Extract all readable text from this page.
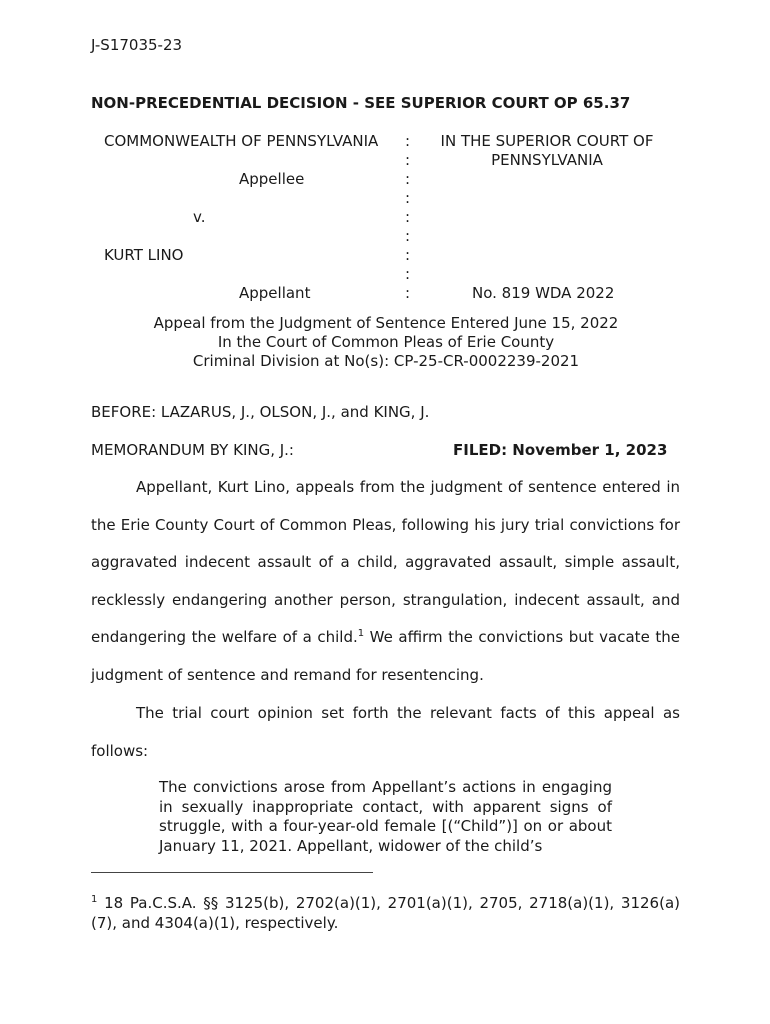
J-S17035-23
NON-PRECEDENTIAL DECISION - SEE SUPERIOR COURT OP 65.37
COMMONWEALTH OF PENNSYLVANIA
Appellee
v.
KURT LINO
Appellant
:
:
:
:
:
:
:
:
:
IN THE SUPERIOR COURT OF
PENNSYLVANIA
No. 819 WDA 2022
Appeal from the Judgment of Sentence Entered June 15, 2022
In the Court of Common Pleas of Erie County
Criminal Division at No(s): CP-25-CR-0002239-2021
BEFORE: LAZARUS, J., OLSON, J., and KING, J.
MEMORANDUM BY KING, J.:	FILED: November 1, 2023
Appellant, Kurt Lino, appeals from the judgment of sentence entered in the Erie County Court of Common Pleas, following his jury trial convictions for aggravated indecent assault of a child, aggravated assault, simple assault, recklessly endangering another person, strangulation, indecent assault, and endangering the welfare of a child.$^1$ We affirm the convictions but vacate the judgment of sentence and remand for resentencing.
The trial court opinion set forth the relevant facts of this appeal as follows:
The convictions arose from Appellant’s actions in engaging in sexually inappropriate contact, with apparent signs of struggle, with a four-year-old female [(“Child”)] on or about January 11, 2021. Appellant, widower of the child’s
$^1$ 18 Pa.C.S.A. §§ 3125(b), 2702(a)(1), 2701(a)(1), 2705, 2718(a)(1), 3126(a)(7), and 4304(a)(1), respectively.
